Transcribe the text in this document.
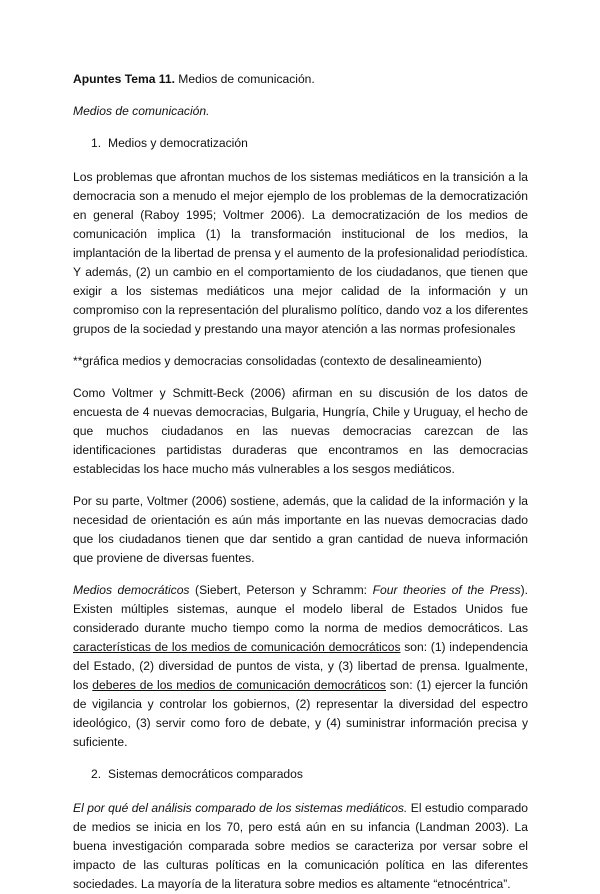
Apuntes Tema 11. Medios de comunicación.

Medios de comunicación.

1. Medios y democratización

Los problemas que afrontan muchos de los sistemas mediáticos en la transición a la democracia son a menudo el mejor ejemplo de los problemas de la democratización en general (Raboy 1995; Voltmer 2006). La democratización de los medios de comunicación implica (1) la transformación institucional de los medios, la implantación de la libertad de prensa y el aumento de la profesionalidad periodística. Y además, (2) un cambio en el comportamiento de los ciudadanos, que tienen que exigir a los sistemas mediáticos una mejor calidad de la información y un compromiso con la representación del pluralismo político, dando voz a los diferentes grupos de la sociedad y prestando una mayor atención a las normas profesionales

**gráfica medios y democracias consolidadas (contexto de desalineamiento)

Como Voltmer y Schmitt-Beck (2006) afirman en su discusión de los datos de encuesta de 4 nuevas democracias, Bulgaria, Hungría, Chile y Uruguay, el hecho de que muchos ciudadanos en las nuevas democracias carezcan de las identificaciones partidistas duraderas que encontramos en las democracias establecidas los hace mucho más vulnerables a los sesgos mediáticos.

Por su parte, Voltmer (2006) sostiene, además, que la calidad de la información y la necesidad de orientación es aún más importante en las nuevas democracias dado que los ciudadanos tienen que dar sentido a gran cantidad de nueva información que proviene de diversas fuentes.

Medios democráticos (Siebert, Peterson y Schramm: Four theories of the Press). Existen múltiples sistemas, aunque el modelo liberal de Estados Unidos fue considerado durante mucho tiempo como la norma de medios democráticos. Las características de los medios de comunicación democráticos son: (1) independencia del Estado, (2) diversidad de puntos de vista, y (3) libertad de prensa. Igualmente, los deberes de los medios de comunicación democráticos son: (1) ejercer la función de vigilancia y controlar los gobiernos, (2) representar la diversidad del espectro ideológico, (3) servir como foro de debate, y (4) suministrar información precisa y suficiente.

2. Sistemas democráticos comparados

El por qué del análisis comparado de los sistemas mediáticos. El estudio comparado de medios se inicia en los 70, pero está aún en su infancia (Landman 2003). La buena investigación comparada sobre medios se caracteriza por versar sobre el impacto de las culturas políticas en la comunicación política en las diferentes sociedades. La mayoría de la literatura sobre medios es altamente “etnocéntrica”.
